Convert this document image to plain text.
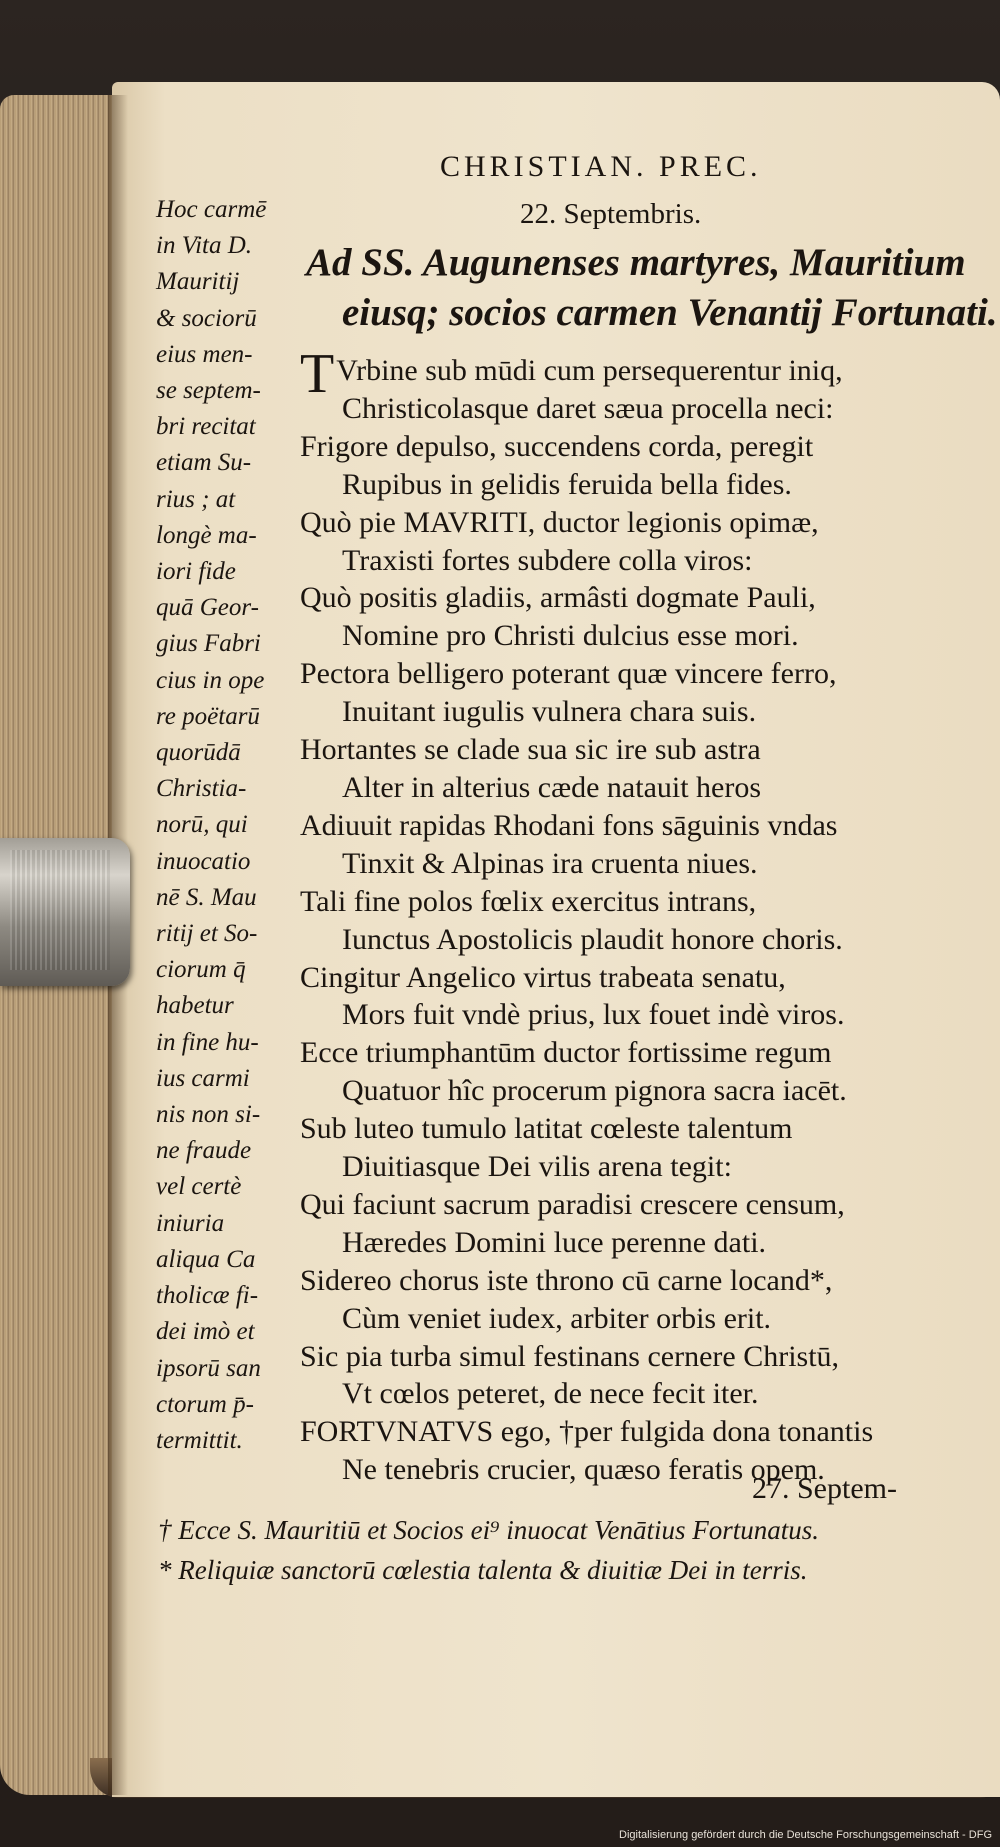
CHRISTIAN. PREC.
22. Septembris.
Ad SS. Augunenses martyres, Mauritium
eiusq; socios carmen Venantij Fortunati.
Hoc carmē
in Vita D.
Mauritij
& sociorū
eius men-
se septem-
bri recitat
etiam Su-
rius ; at
longè ma-
iori fide
quā Geor-
gius Fabri
cius in ope
re poëtarū
quorūdā
Christia-
norū, qui
inuocatio
nē S. Mau
ritij et So-
ciorum q̄
habetur
in fine hu-
ius carmi
nis non si-
ne fraude
vel certè
iniuria
aliqua Ca
tholicæ fi-
dei imò et
ipsorū san
ctorum p̄-
termittit.
TVrbine sub mūdi cum persequerentur iniq,
Christicolasque daret sæua procella neci:
Frigore depulso, succendens corda, peregit
Rupibus in gelidis feruida bella fides.
Quò pie MAVRITI, ductor legionis opimæ,
Traxisti fortes subdere colla viros:
Quò positis gladiis, armâsti dogmate Pauli,
Nomine pro Christi dulcius esse mori.
Pectora belligero poterant quæ vincere ferro,
Inuitant iugulis vulnera chara suis.
Hortantes se clade sua sic ire sub astra
Alter in alterius cæde natauit heros
Adiuuit rapidas Rhodani fons sāguinis vndas
Tinxit & Alpinas ira cruenta niues.
Tali fine polos fœlix exercitus intrans,
Iunctus Apostolicis plaudit honore choris.
Cingitur Angelico virtus trabeata senatu,
Mors fuit vndè prius, lux fouet indè viros.
Ecce triumphantūm ductor fortissime regum
Quatuor hîc procerum pignora sacra iacēt.
Sub luteo tumulo latitat cœleste talentum
Diuitiasque Dei vilis arena tegit:
Qui faciunt sacrum paradisi crescere censum,
Hæredes Domini luce perenne dati.
Sidereo chorus iste throno cū carne locand*,
Cùm veniet iudex, arbiter orbis erit.
Sic pia turba simul festinans cernere Christū,
Vt cœlos peteret, de nece fecit iter.
FORTVNATVS ego, †per fulgida dona tonantis
Ne tenebris crucier, quæso feratis opem.
27. Septem-
† Ecce S. Mauritiū et Socios ei⁹ inuocat Venātius Fortunatus.
* Reliquiæ sanctorū cœlestia talenta & diuitiæ Dei in terris.
Digitalisierung gefördert durch die Deutsche Forschungsgemeinschaft - DFG
